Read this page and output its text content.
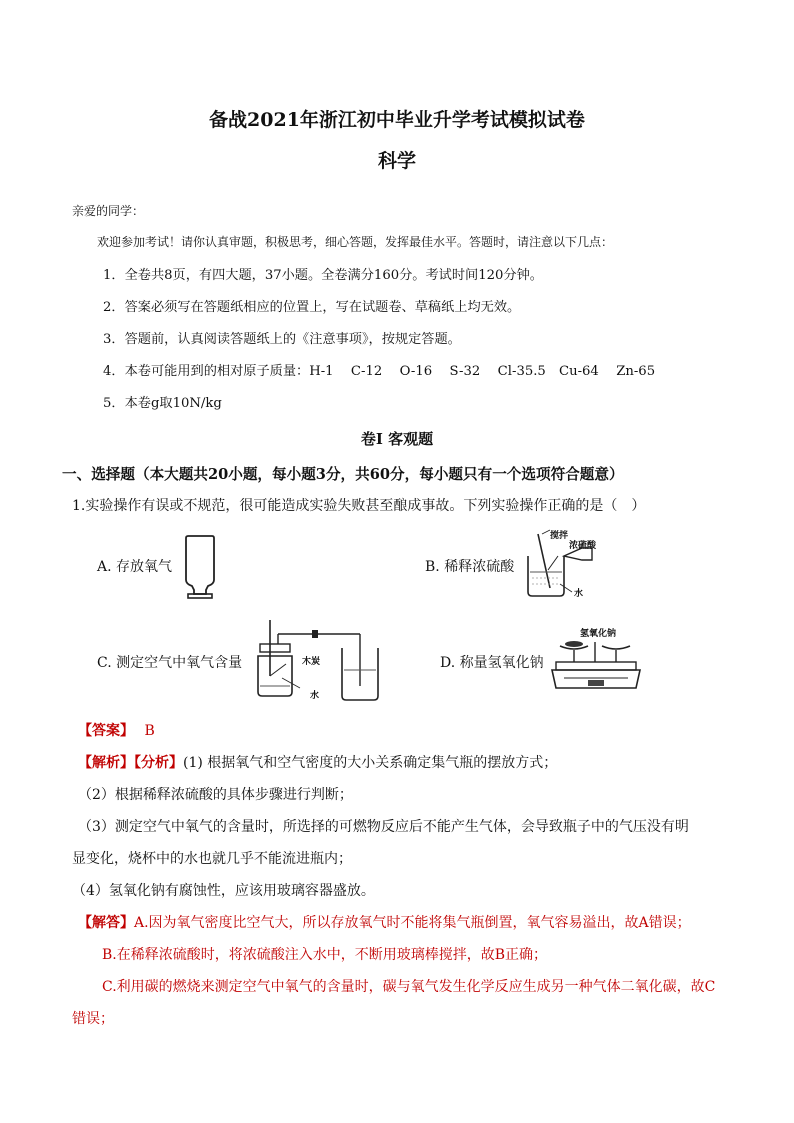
备战2021年浙江初中毕业升学考试模拟试卷
科学
亲爱的同学：
欢迎参加考试！请你认真审题，积极思考，细心答题，发挥最佳水平。答题时，请注意以下几点：
1．全卷共8页，有四大题，37小题。全卷满分160分。考试时间120分钟。
2．答案必须写在答题纸相应的位置上，写在试题卷、草稿纸上均无效。
3．答题前，认真阅读答题纸上的《注意事项》，按规定答题。
4．本卷可能用到的相对原子质量：H-1　 C-12　 O-16　 S-32　 Cl-35.5　Cu-64　 Zn-65
5．本卷g取10N/kg
卷Ⅰ 客观题
一、选择题（本大题共20小题，每小题3分，共60分，每小题只有一个选项符合题意）
1.实验操作有误或不规范，很可能造成实验失败甚至酿成事故。下列实验操作正确的是（　）
A. 存放氧气	B. 稀释浓硫酸
搅拌
浓硫酸
水
C. 测定空气中氧气含量	木炭
水
D. 称量氢氧化钠
氢氧化钠
【答案】 B
【解析】【分析】(1) 根据氧气和空气密度的大小关系确定集气瓶的摆放方式；
（2）根据稀释浓硫酸的具体步骤进行判断；
（3）测定空气中氧气的含量时，所选择的可燃物反应后不能产生气体，会导致瓶子中的气压没有明
显变化，烧杯中的水也就几乎不能流进瓶内；
（4）氢氧化钠有腐蚀性，应该用玻璃容器盛放。
【解答】A.因为氧气密度比空气大，所以存放氧气时不能将集气瓶倒置，氧气容易溢出，故A错误；
B.在稀释浓硫酸时，将浓硫酸注入水中，不断用玻璃棒搅拌，故B正确；
C.利用碳的燃烧来测定空气中氧气的含量时，碳与氧气发生化学反应生成另一种气体二氧化碳，故C
错误；
